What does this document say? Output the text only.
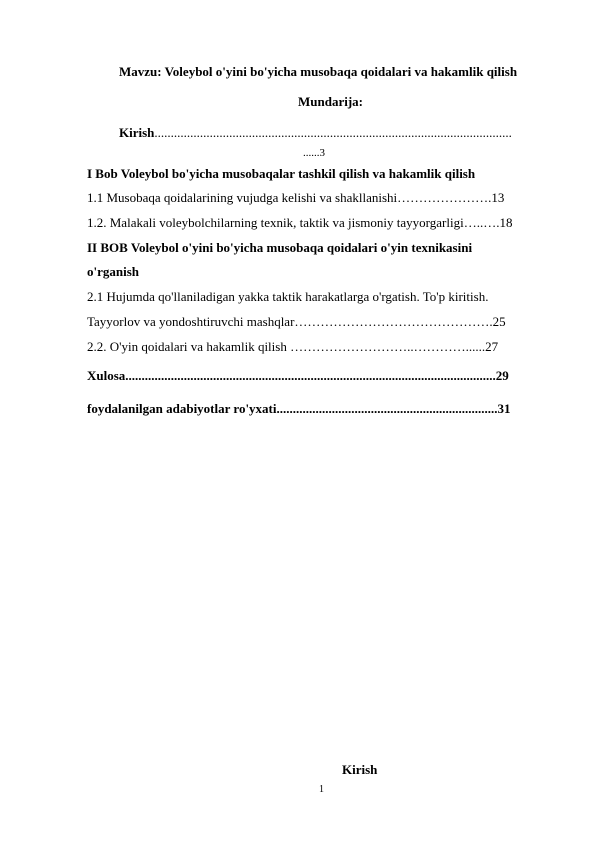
Mavzu: Voleybol o'yini bo'yicha musobaqa qoidalari va hakamlik qilish
Mundarija:
Kirish..............................................................................................................
......3
I Bob Voleybol bo'yicha musobaqalar tashkil qilish va hakamlik qilish
1.1 Musobaqa qoidalarining vujudga kelishi va shakllanishi………………….13
1.2. Malakali voleybolchilarning texnik, taktik va jismoniy tayyorgarligi…..….18
II BOB Voleybol o'yini bo'yicha musobaqa qoidalari o'yin texnikasini
o'rganish
2.1 Hujumda qo'llaniladigan yakka taktik harakatlarga o'rgatish. To'p kiritish.
Tayyorlov va yondoshtiruvchi mashqlar……………………………………….25
2.2. O'yin qoidalari va hakamlik qilish ………………………..…………......27
Xulosa..................................................................................................................29
foydalanilgan adabiyotlar ro'yxati....................................................................31
Kirish
1
